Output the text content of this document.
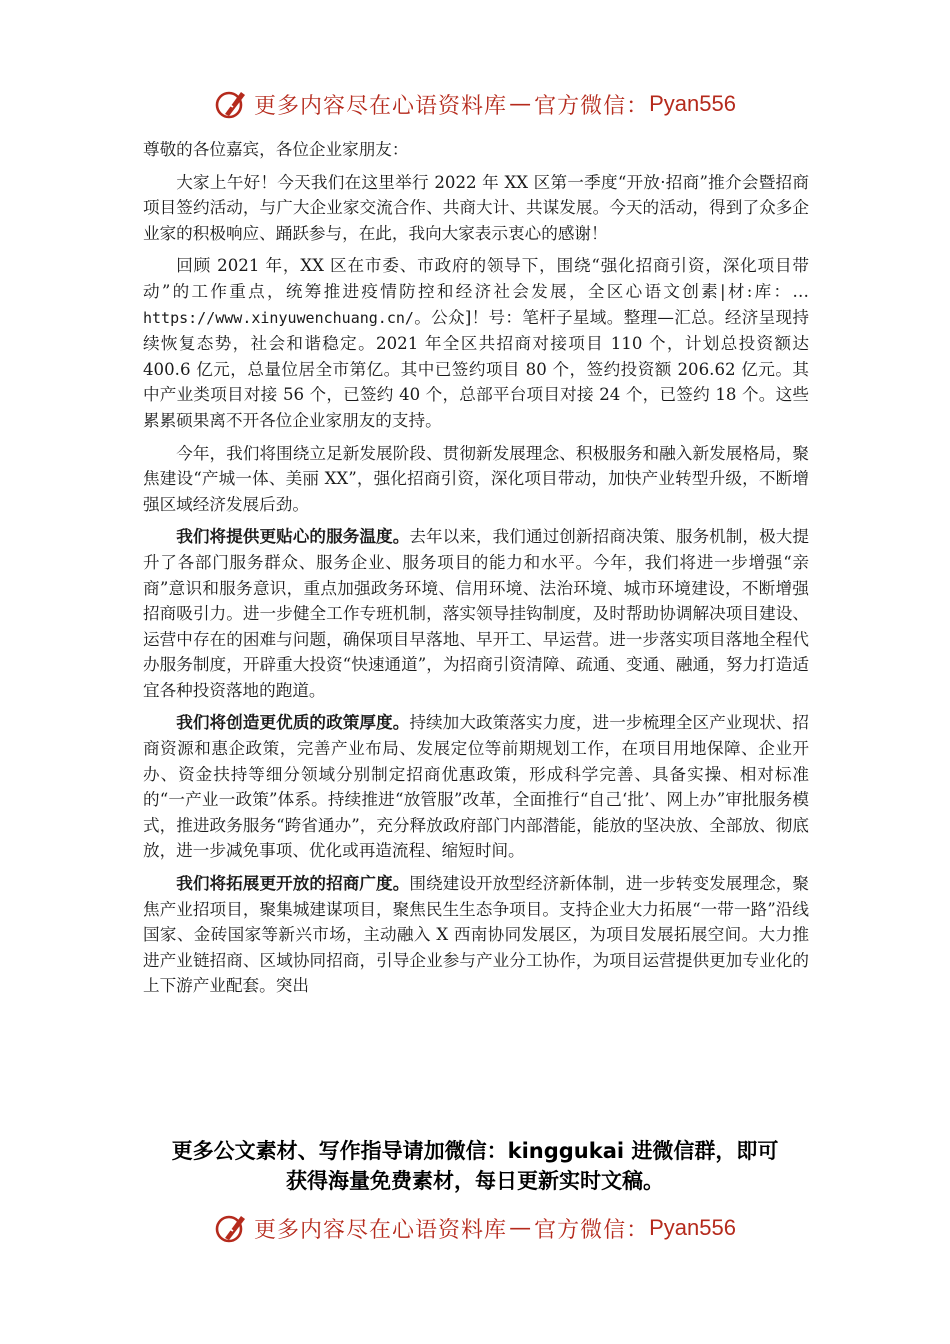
更多内容尽在心语资料库 — 官方微信： Pyan556

尊敬的各位嘉宾，各位企业家朋友：

大家上午好！今天我们在这里举行 2022 年 XX 区第一季度“开放·招商”推介会暨招商项目签约活动，与广大企业家交流合作、共商大计、共谋发展。今天的活动，得到了众多企业家的积极响应、踊跃参与，在此，我向大家表示衷心的感谢！

回顾 2021 年，XX 区在市委、市政府的领导下，围绕“强化招商引资，深化项目带动”的工作重点，统筹推进疫情防控和经济社会发展，全区心语文创素|材:库：…https://www.xinyuwenchuang.cn/。公众]！号：笔杆子星域。整理—汇总。经济呈现持续恢复态势，社会和谐稳定。2021 年全区共招商对接项目 110 个，计划总投资额达 400.6 亿元，总量位居全市第亿。其中已签约项目 80 个，签约投资额 206.62 亿元。其中产业类项目对接 56 个，已签约 40 个，总部平台项目对接 24 个，已签约 18 个。这些累累硕果离不开各位企业家朋友的支持。

今年，我们将围绕立足新发展阶段、贯彻新发展理念、积极服务和融入新发展格局，聚焦建设“产城一体、美丽 XX”，强化招商引资，深化项目带动，加快产业转型升级，不断增强区域经济发展后劲。

我们将提供更贴心的服务温度。去年以来，我们通过创新招商决策、服务机制，极大提升了各部门服务群众、服务企业、服务项目的能力和水平。今年，我们将进一步增强“亲商”意识和服务意识，重点加强政务环境、信用环境、法治环境、城市环境建设，不断增强招商吸引力。进一步健全工作专班机制，落实领导挂钩制度，及时帮助协调解决项目建设、运营中存在的困难与问题，确保项目早落地、早开工、早运营。进一步落实项目落地全程代办服务制度，开辟重大投资“快速通道”，为招商引资清障、疏通、变通、融通，努力打造适宜各种投资落地的跑道。

我们将创造更优质的政策厚度。持续加大政策落实力度，进一步梳理全区产业现状、招商资源和惠企政策，完善产业布局、发展定位等前期规划工作，在项目用地保障、企业开办、资金扶持等细分领域分别制定招商优惠政策，形成科学完善、具备实操、相对标准的“一产业一政策”体系。持续推进“放管服”改革，全面推行“自己‘批’、网上办”审批服务模式，推进政务服务“跨省通办”，充分释放政府部门内部潜能，能放的坚决放、全部放、彻底放，进一步减免事项、优化或再造流程、缩短时间。

我们将拓展更开放的招商广度。围绕建设开放型经济新体制，进一步转变发展理念，聚焦产业招项目，聚集城建谋项目，聚焦民生生态争项目。支持企业大力拓展“一带一路”沿线国家、金砖国家等新兴市场，主动融入 X 西南协同发展区，为项目发展拓展空间。大力推进产业链招商、区域协同招商，引导企业参与产业分工协作，为项目运营提供更加专业化的上下游产业配套。突出

更多公文素材、写作指导请加微信：kinggukai 进微信群，即可
获得海量免费素材，每日更新实时文稿。
更多内容尽在心语资料库 — 官方微信： Pyan556
